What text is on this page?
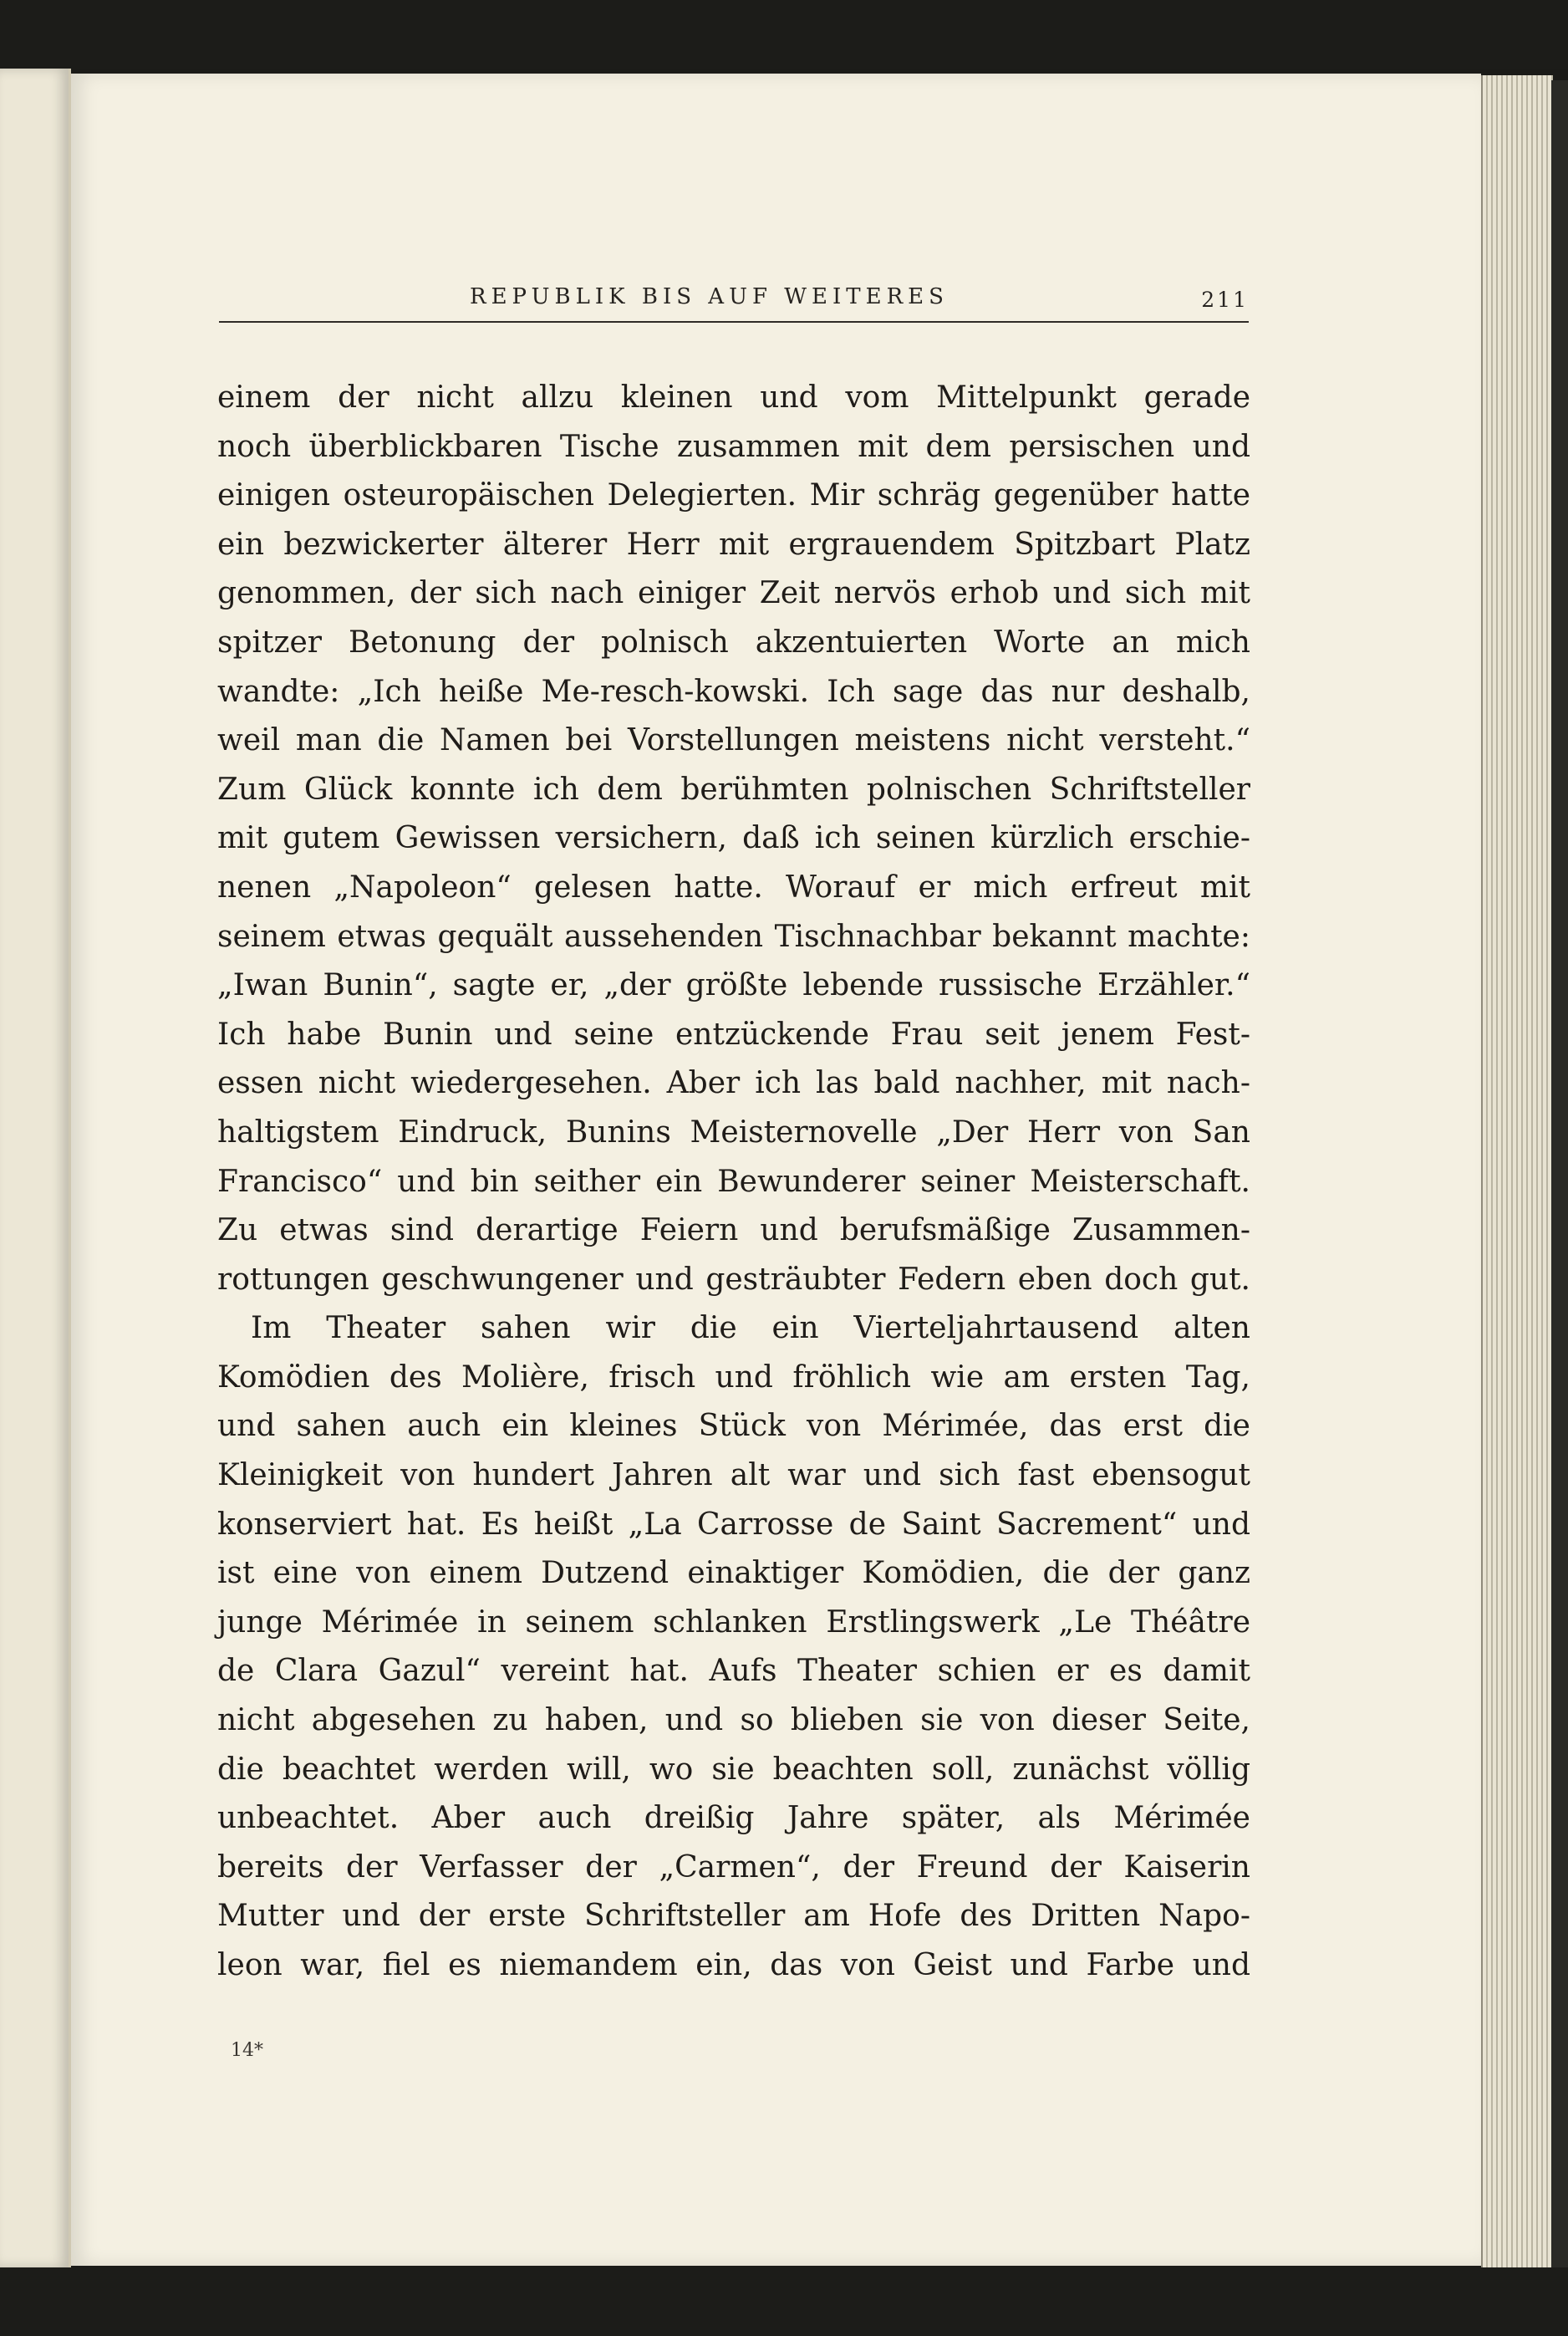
REPUBLIK BIS AUF WEITERES	211
einem der nicht allzu kleinen und vom Mittelpunkt gerade
noch überblickbaren Tische zusammen mit dem persischen und
einigen osteuropäischen Delegierten. Mir schräg gegenüber hatte
ein bezwickerter älterer Herr mit ergrauendem Spitzbart Platz
genommen, der sich nach einiger Zeit nervös erhob und sich mit
spitzer Betonung der polnisch akzentuierten Worte an mich
wandte: „Ich heiße Me-resch-kowski. Ich sage das nur deshalb,
weil man die Namen bei Vorstellungen meistens nicht versteht.“
Zum Glück konnte ich dem berühmten polnischen Schriftsteller
mit gutem Gewissen versichern, daß ich seinen kürzlich erschie-
nenen „Napoleon“ gelesen hatte. Worauf er mich erfreut mit
seinem etwas gequält aussehenden Tischnachbar bekannt machte:
„Iwan Bunin“, sagte er, „der größte lebende russische Erzähler.“
Ich habe Bunin und seine entzückende Frau seit jenem Fest-
essen nicht wiedergesehen. Aber ich las bald nachher, mit nach-
haltigstem Eindruck, Bunins Meisternovelle „Der Herr von San
Francisco“ und bin seither ein Bewunderer seiner Meisterschaft.
Zu etwas sind derartige Feiern und berufsmäßige Zusammen-
rottungen geschwungener und gesträubter Federn eben doch gut.
Im Theater sahen wir die ein Vierteljahrtausend alten
Komödien des Molière, frisch und fröhlich wie am ersten Tag,
und sahen auch ein kleines Stück von Mérimée, das erst die
Kleinigkeit von hundert Jahren alt war und sich fast ebensogut
konserviert hat. Es heißt „La Carrosse de Saint Sacrement“ und
ist eine von einem Dutzend einaktiger Komödien, die der ganz
junge Mérimée in seinem schlanken Erstlingswerk „Le Théâtre
de Clara Gazul“ vereint hat. Aufs Theater schien er es damit
nicht abgesehen zu haben, und so blieben sie von dieser Seite,
die beachtet werden will, wo sie beachten soll, zunächst völlig
unbeachtet. Aber auch dreißig Jahre später, als Mérimée
bereits der Verfasser der „Carmen“, der Freund der Kaiserin
Mutter und der erste Schriftsteller am Hofe des Dritten Napo-
leon war, fiel es niemandem ein, das von Geist und Farbe und
14*
